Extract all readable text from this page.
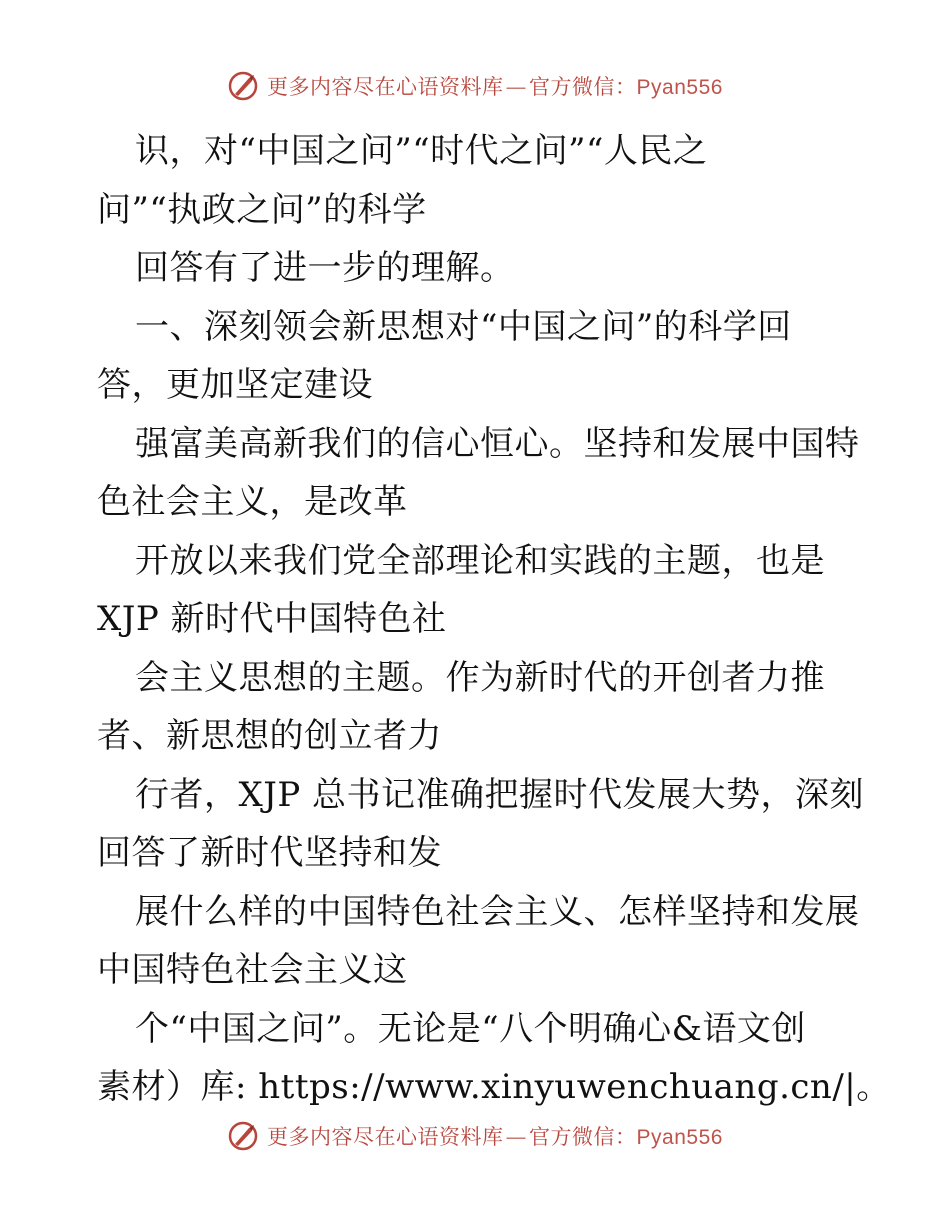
更多内容尽在心语资料库—官方微信：Pyan556
识，对“中国之问”“时代之问”“人民之
问”“执政之问”的科学
回答有了进一步的理解。
一、深刻领会新思想对“中国之问”的科学回
答，更加坚定建设
强富美高新我们的信心恒心。坚持和发展中国特
色社会主义，是改革
开放以来我们党全部理论和实践的主题，也是
XJP 新时代中国特色社
会主义思想的主题。作为新时代的开创者力推
者、新思想的创立者力
行者，XJP 总书记准确把握时代发展大势，深刻
回答了新时代坚持和发
展什么样的中国特色社会主义、怎样坚持和发展
中国特色社会主义这
个“中国之问”。无论是“八个明确心&语文创
素材）库: https://www.xinyuwenchuang.cn/|。
更多内容尽在心语资料库—官方微信：Pyan556
